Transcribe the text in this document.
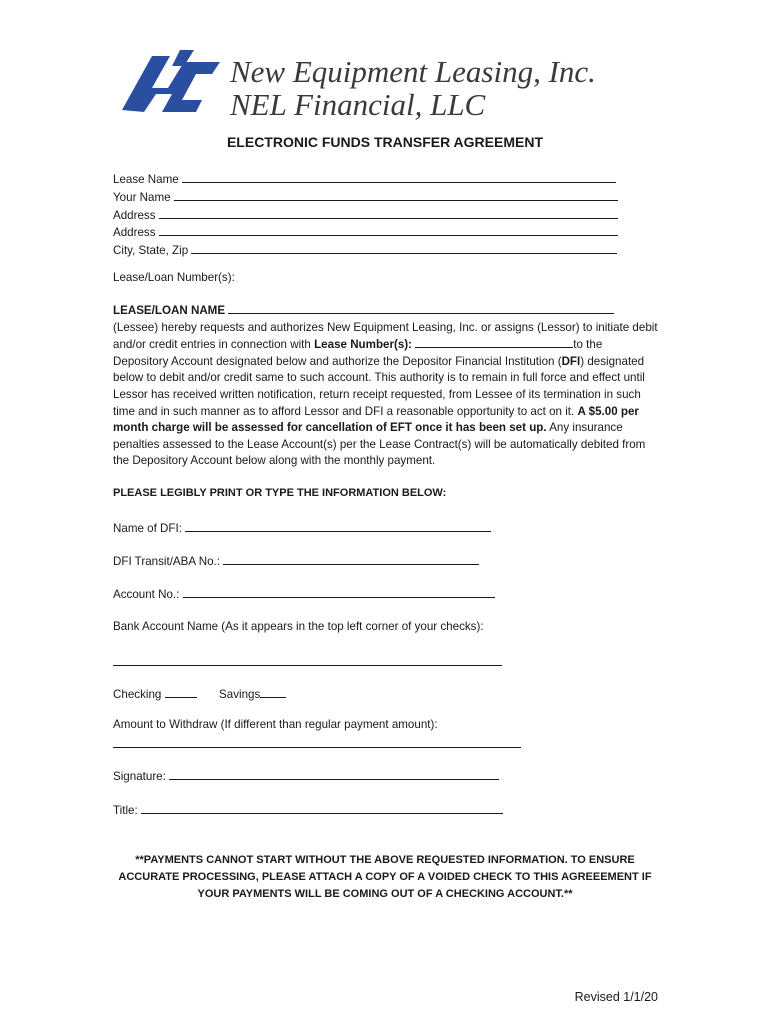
New Equipment Leasing, Inc.
NEL Financial, LLC
ELECTRONIC FUNDS TRANSFER AGREEMENT
Lease Name
Your Name
Address
Address
City, State, Zip
Lease/Loan Number(s):
LEASE/LOAN NAME (Lessee) hereby requests and authorizes New Equipment Leasing, Inc. or assigns (Lessor) to initiate debit and/or credit entries in connection with Lease Number(s):	to the Depository Account designated below and authorize the Depositor Financial Institution (DFI) designated below to debit and/or credit same to such account. This authority is to remain in full force and effect until Lessor has received written notification, return receipt requested, from Lessee of its termination in such time and in such manner as to afford Lessor and DFI a reasonable opportunity to act on it. A $5.00 per month charge will be assessed for cancellation of EFT once it has been set up. Any insurance penalties assessed to the Lease Account(s) per the Lease Contract(s) will be automatically debited from the Depository Account below along with the monthly payment.
PLEASE LEGIBLY PRINT OR TYPE THE INFORMATION BELOW:
Name of DFI:
DFI Transit/ABA No.:
Account No.:
Bank Account Name (As it appears in the top left corner of your checks):
Checking	Savings
Amount to Withdraw (If different than regular payment amount):
Signature:
Title:
**PAYMENTS CANNOT START WITHOUT THE ABOVE REQUESTED INFORMATION. TO ENSURE
ACCURATE PROCESSING, PLEASE ATTACH A COPY OF A VOIDED CHECK TO THIS AGREEEMENT IF
YOUR PAYMENTS WILL BE COMING OUT OF A CHECKING ACCOUNT.**
Revised 1/1/20
